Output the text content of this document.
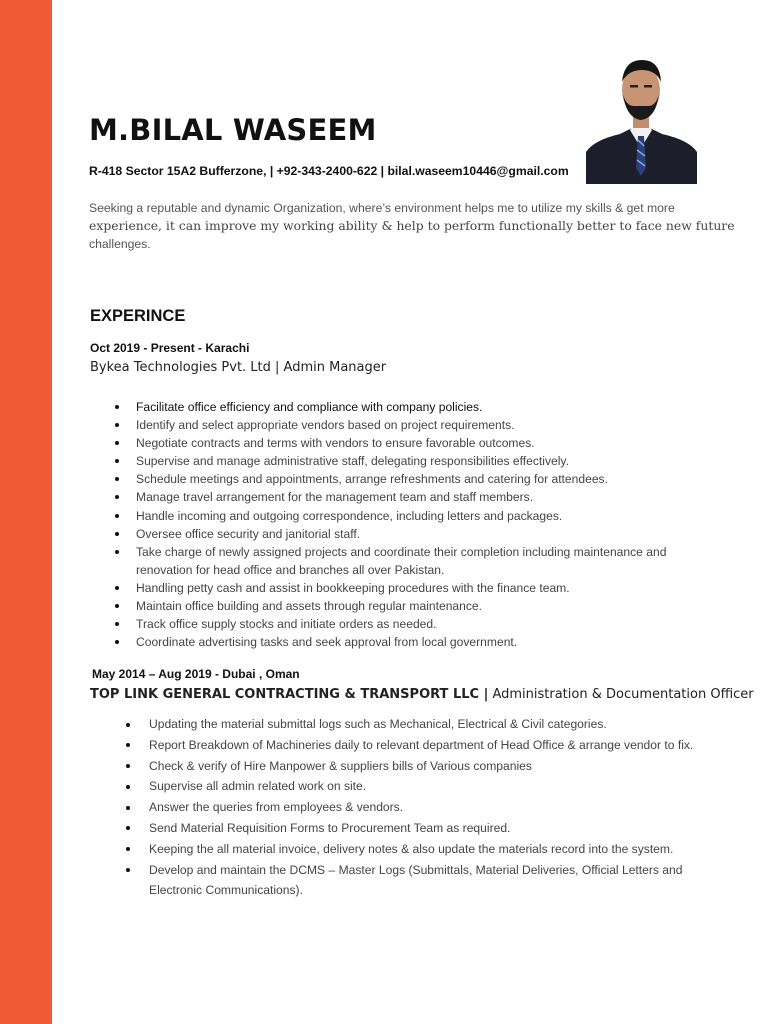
M.BILAL WASEEM
R-418 Sector 15A2 Bufferzone, | +92-343-2400-622 | bilal.waseem10446@gmail.com
Seeking a reputable and dynamic Organization, where’s environment helps me to utilize my skills & get more
experience, it can improve my working ability & help to perform functionally better to face new future
challenges.
EXPERINCE
Oct 2019 - Present - Karachi
Bykea Technologies Pvt. Ltd | Admin Manager
Facilitate office efficiency and compliance with company policies.
Identify and select appropriate vendors based on project requirements.
Negotiate contracts and terms with vendors to ensure favorable outcomes.
Supervise and manage administrative staff, delegating responsibilities effectively.
Schedule meetings and appointments, arrange refreshments and catering for attendees.
Manage travel arrangement for the management team and staff members.
Handle incoming and outgoing correspondence, including letters and packages.
Oversee office security and janitorial staff.
Take charge of newly assigned projects and coordinate their completion including maintenance and renovation for head office and branches all over Pakistan.
Handling petty cash and assist in bookkeeping procedures with the finance team.
Maintain office building and assets through regular maintenance.
Track office supply stocks and initiate orders as needed.
Coordinate advertising tasks and seek approval from local government.
May 2014 – Aug 2019 - Dubai , Oman
TOP LINK GENERAL CONTRACTING & TRANSPORT LLC | Administration & Documentation Officer
Updating the material submittal logs such as Mechanical, Electrical & Civil categories.
Report Breakdown of Machineries daily to relevant department of Head Office & arrange vendor to fix.
Check & verify of Hire Manpower & suppliers bills of Various companies
Supervise all admin related work on site.
Answer the queries from employees & vendors.
Send Material Requisition Forms to Procurement Team as required.
Keeping the all material invoice, delivery notes & also update the materials record into the system.
Develop and maintain the DCMS – Master Logs (Submittals, Material Deliveries, Official Letters and Electronic Communications).
